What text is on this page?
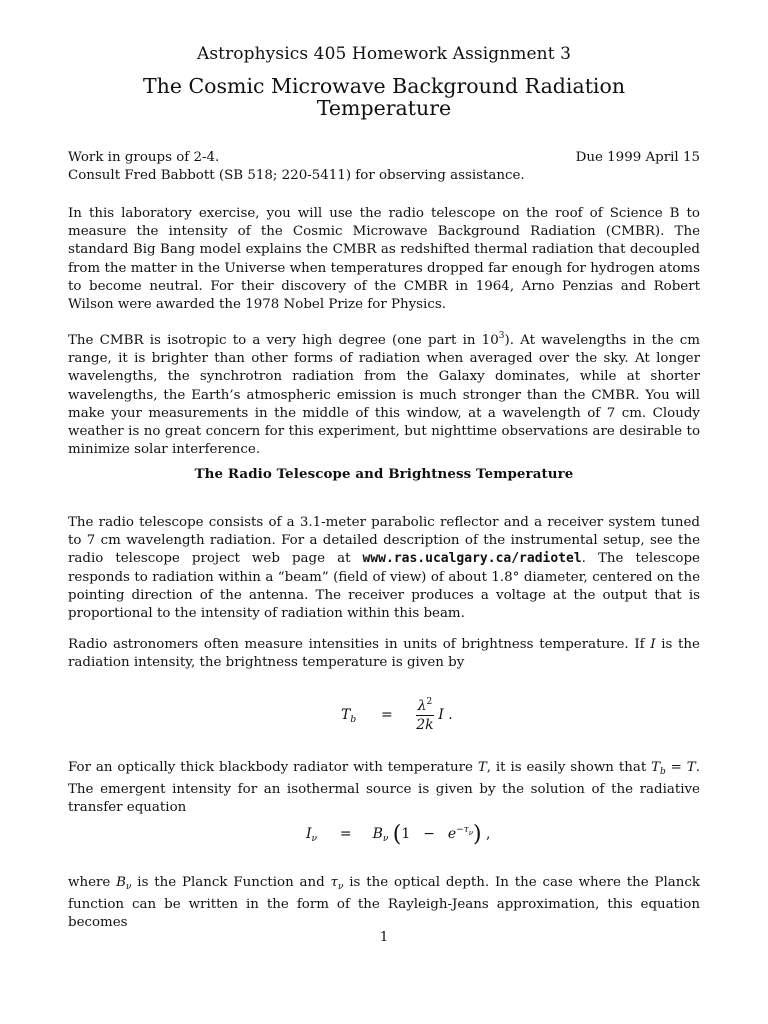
Astrophysics 405 Homework Assignment 3
The Cosmic Microwave Background Radiation
Temperature
Work in groups of 2-4.	Due 1999 April 15
Consult Fred Babbott (SB 518; 220-5411) for observing assistance.

In this laboratory exercise, you will use the radio telescope on the roof of Science B to measure the intensity of the Cosmic Microwave Background Radiation (CMBR). The standard Big Bang model explains the CMBR as redshifted thermal radiation that decoupled from the matter in the Universe when temperatures dropped far enough for hydrogen atoms to become neutral. For their discovery of the CMBR in 1964, Arno Penzias and Robert Wilson were awarded the 1978 Nobel Prize for Physics.

The CMBR is isotropic to a very high degree (one part in $10^3$). At wavelengths in the cm range, it is brighter than other forms of radiation when averaged over the sky. At longer wavelengths, the synchrotron radiation from the Galaxy dominates, while at shorter wavelengths, the Earth’s atmospheric emission is much stronger than the CMBR. You will make your measurements in the middle of this window, at a wavelength of 7 cm. Cloudy weather is no great concern for this experiment, but nighttime observations are desirable to minimize solar interference.

The Radio Telescope and Brightness Temperature

The radio telescope consists of a 3.1-meter parabolic reflector and a receiver system tuned to 7 cm wavelength radiation. For a detailed description of the instrumental setup, see the radio telescope project web page at www.ras.ucalgary.ca/radiotel. The telescope responds to radiation within a “beam” (field of view) of about 1.8° diameter, centered on the pointing direction of the antenna. The receiver produces a voltage at the output that is proportional to the intensity of radiation within this beam.

Radio astronomers often measure intensities in units of brightness temperature. If I is the radiation intensity, the brightness temperature is given by

$T_b = \frac{\lambda^2}{2k}$ I .

For an optically thick blackbody radiator with temperature T, it is easily shown that $T_b = T$. The emergent intensity for an isothermal source is given by the solution of the radiative transfer equation

$I_\nu = B_\nu$ $(1 - e^{-\tau\nu})$ ,

where $B_\nu$ is the Planck Function and $\tau_\nu$ is the optical depth. In the case where the Planck function can be written in the form of the Rayleigh-Jeans approximation, this equation becomes

1
